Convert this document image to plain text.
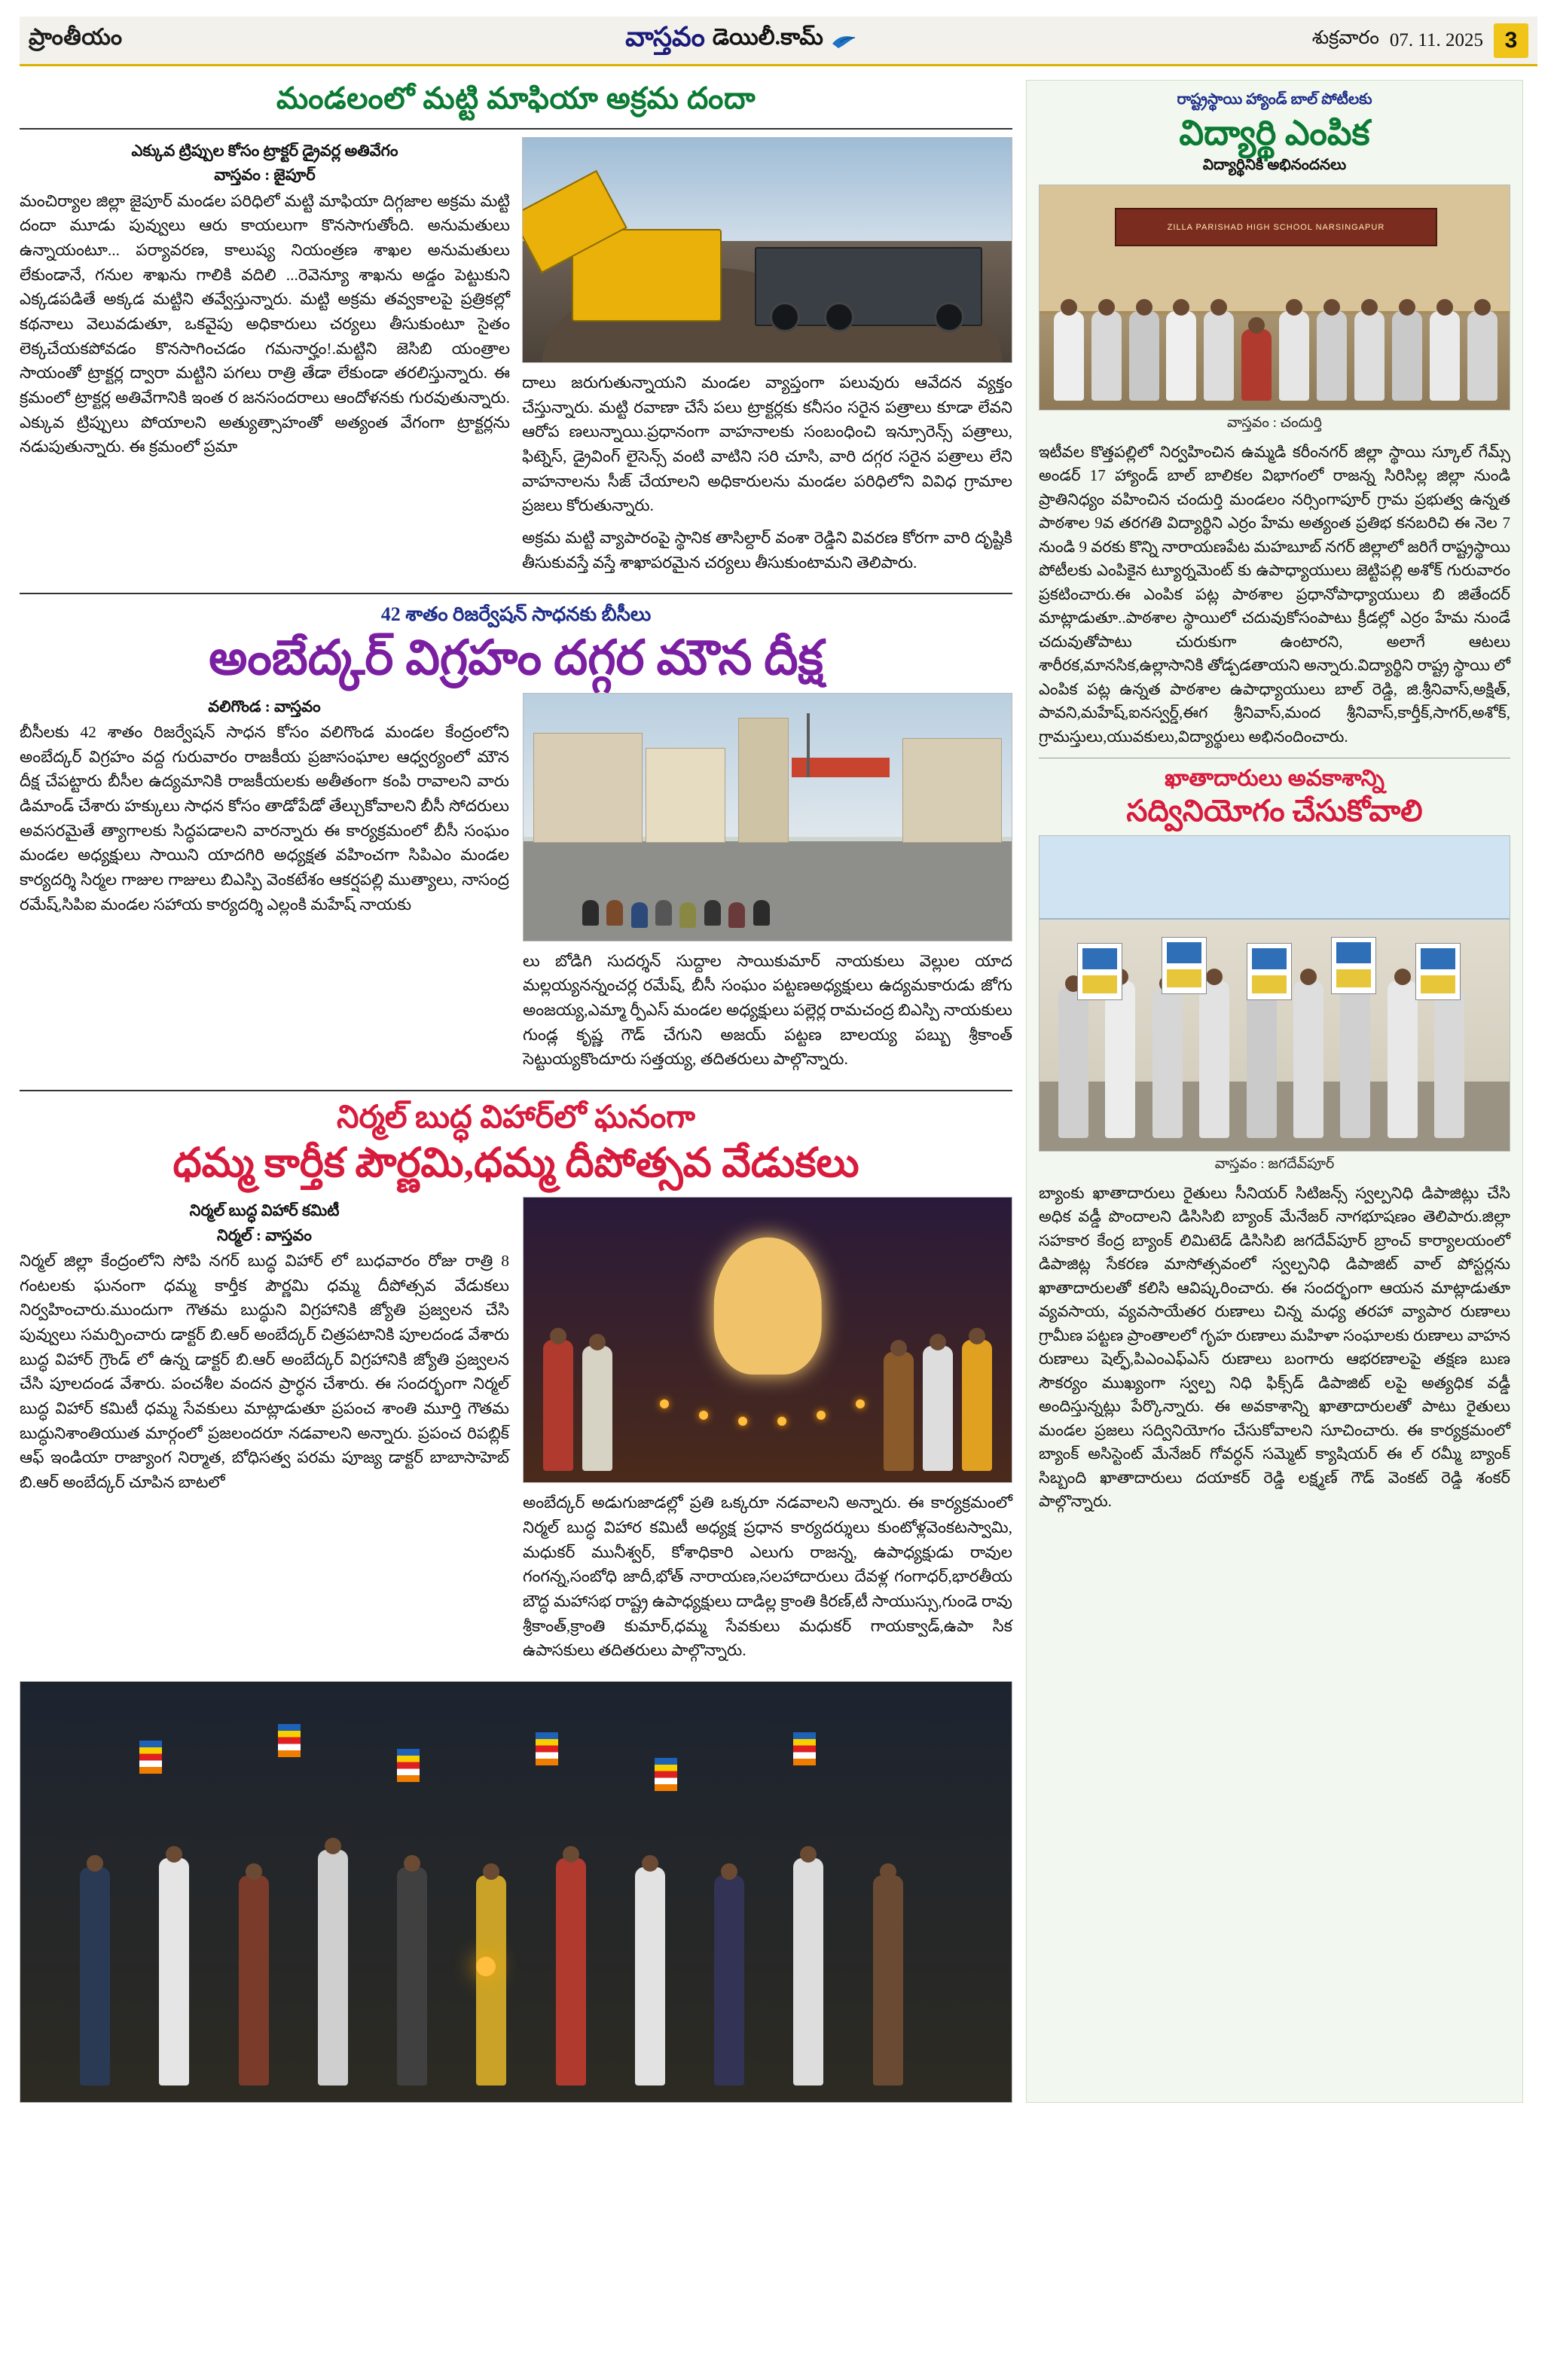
ప్రాంతీయం	వాస్తవం డెయిలీ.కామ్	శుక్రవారం 07. 11. 2025 3
మండలంలో మట్టి మాఫియా అక్రమ దందా
ఎక్కువ ట్రిప్పుల కోసం ట్రాక్టర్ డ్రైవర్ల అతివేగం
వాస్తవం : జైపూర్

మంచిర్యాల జిల్లా జైపూర్ మండల పరిధిలో మట్టి మాఫియా దిగ్గజాల అక్రమ మట్టి దందా మూడు పువ్వులు ఆరు కాయలుగా కొనసాగుతోంది. అనుమతులు ఉన్నాయంటూ... పర్యావరణ, కాలుష్య నియంత్రణ శాఖల అనుమతులు లేకుండానే, గనుల శాఖను గాలికి వదిలి ...రెవెన్యూ శాఖను అడ్డం పెట్టుకుని ఎక్కడపడితే అక్కడ మట్టిని తవ్వేస్తున్నారు. మట్టి అక్రమ తవ్వకాలపై ప్రత్రికల్లో కథనాలు వెలువడుతూ, ఒకవైపు అధికారులు చర్యలు తీసుకుంటూ సైతం లెక్కచేయకపోవడం కొనసాగించడం గమనార్హం!.మట్టిని జెసిబి యంత్రాల సాయంతో ట్రాక్టర్ల ద్వారా మట్టిని పగలు రాత్రి తేడా లేకుండా తరలిస్తున్నారు. ఈ క్రమంలో ట్రాక్టర్ల అతివేగానికి ఇంత ర జనసందరాలు ఆందోళనకు గురవుతున్నారు. ఎక్కువ ట్రిప్పులు పోయాలని అత్యుత్సాహంతో అత్యంత వేగంగా ట్రాక్టర్లను నడుపుతున్నారు. ఈ క్రమంలో ప్రమా

దాలు జరుగుతున్నాయని మండల వ్యాప్తంగా పలువురు ఆవేదన వ్యక్తం చేస్తున్నారు. మట్టి రవాణా చేసే పలు ట్రాక్టర్లకు కనీసం సరైన పత్రాలు కూడా లేవని ఆరోప ణలున్నాయి.ప్రధానంగా వాహనాలకు సంబంధించి ఇన్సూరెన్స్ పత్రాలు, ఫిట్నెస్, డ్రైవింగ్ లైసెన్స్ వంటి వాటిని సరి చూసి, వారి దగ్గర సరైన పత్రాలు లేని వాహనాలను సీజ్ చేయాలని అధికారులను మండల పరిధిలోని వివిధ గ్రామాల ప్రజలు కోరుతున్నారు.

అక్రమ మట్టి వ్యాపారంపై స్థానిక తాసిల్దార్ వంశా రెడ్డిని వివరణ కోరగా వారి దృష్టికి తీసుకువస్తే వస్తే శాఖాపరమైన చర్యలు తీసుకుంటామని తెలిపారు.

42 శాతం రిజర్వేషన్ సాధనకు బీసీలు
అంబేద్కర్ విగ్రహం దగ్గర మౌన దీక్ష
వలిగొండ : వాస్తవం

బీసీలకు 42 శాతం రిజర్వేషన్ సాధన కోసం వలిగొండ మండల కేంద్రంలోని అంబేద్కర్ విగ్రహం వద్ద గురువారం రాజకీయ ప్రజాసంఘాల ఆధ్వర్యంలో మౌన దీక్ష చేపట్టారు బీసీల ఉద్యమానికి రాజకీయలకు అతీతంగా కంపి రావాలని వారు డిమాండ్ చేశారు హక్కులు సాధన కోసం తాడోపేడో తేల్చుకోవాలని బీసీ సోదరులు అవసరమైతే త్యాగాలకు సిద్ధపడాలని వారన్నారు ఈ కార్యక్రమంలో బీసీ సంఘం మండల అధ్యక్షులు సాయిని యాదగిరి అధ్యక్షత వహించగా సిపిఎం మండల కార్యదర్శి సిర్మల గాజుల గాజులు బిఎస్పి వెంకటేశం ఆకర్షపల్లి ముత్యాలు, నాసంద్ర రమేష్,సిపిఐ మండల సహాయ కార్యదర్శి ఎల్లంకి మహేష్ నాయకు

లు బోడిగి సుదర్శన్ సుద్దాల సాయికుమార్ నాయకులు వెల్లుల యాద మల్లయ్యనన్నంచర్ల రమేష్, బీసీ సంఘం పట్టణఅధ్యక్షులు ఉద్యమకారుడు జోగు అంజయ్య,ఎమ్మా ర్పీఎస్ మండల అధ్యక్షులు పల్లెర్ల రామచంద్ర బిఎస్పి నాయకులు గుండ్ల కృష్ణ గౌడ్ చేగుని అజయ్ పట్టణ బాలయ్య పబ్బు శ్రీకాంత్ సెట్టుయ్యకొందూరు సత్తయ్య, తదితరులు పాల్గొన్నారు.

నిర్మల్ బుద్ధ విహార్‌లో ఘనంగా
ధమ్మ కార్తీక పౌర్ణమి,ధమ్మ దీపోత్సవ వేడుకలు
నిర్మల్ బుద్ధ విహార్ కమిటీ
నిర్మల్ : వాస్తవం

నిర్మల్ జిల్లా కేంద్రంలోని సోపి నగర్ బుద్ధ విహార్ లో బుధవారం రోజు రాత్రి 8 గంటలకు ఘనంగా ధమ్మ కార్తీక పౌర్ణమి ధమ్మ దీపోత్సవ వేడుకలు నిర్వహించారు.ముందుగా గౌతమ బుద్ధుని విగ్రహానికి జ్యోతి ప్రజ్వలన చేసి పువ్వులు సమర్పించారు డాక్టర్ బి.ఆర్ అంబేద్కర్ చిత్రపటానికి పూలదండ వేశారు బుద్ధ విహార్ గ్రౌండ్ లో ఉన్న డాక్టర్ బి.ఆర్ అంబేద్కర్ విగ్రహానికి జ్యోతి ప్రజ్వలన చేసి పూలదండ వేశారు. పంచశీల వందన ప్రార్ధన చేశారు. ఈ సందర్భంగా నిర్మల్ బుద్ధ విహార్ కమిటీ ధమ్మ సేవకులు మాట్లాడుతూ ప్రపంచ శాంతి మూర్తి గౌతమ బుద్ధునిశాంతియుత మార్గంలో ప్రజలందరూ నడవాలని అన్నారు. ప్రపంచ రిపబ్లిక్ ఆఫ్ ఇండియా రాజ్యాంగ నిర్మాత, బోధిసత్వ పరమ పూజ్య డాక్టర్ బాబాసాహెబ్ బి.ఆర్ అంబేద్కర్ చూపిన బాటలో

అంబేద్కర్ అడుగుజాడల్లో ప్రతి ఒక్కరూ నడవాలని అన్నారు. ఈ కార్యక్రమంలో నిర్మల్ బుద్ధ విహార కమిటీ అధ్యక్ష ప్రధాన కార్యదర్శులు కుంటోళ్లవెంకటస్వామి, మధుకర్ మునీశ్వర్, కోశాధికారి ఎలుగు రాజన్న, ఉపాధ్యక్షుడు రావుల గంగన్న,సంబోధి జాదీ,భోత్ నారాయణ,సలహాదారులు దేవళ్ల గంగాధర్,భారతీయ బౌద్ధ మహాసభ రాష్ట్ర ఉపాధ్యక్షులు దాడిల్ల క్రాంతి కిరణ్,టీ సాయుస్సు,గుండె రావు శ్రీకాంత్,క్రాంతి కుమార్,ధమ్మ సేవకులు మధుకర్ గాయక్వాడ్,ఉపా సిక ఉపాసకులు తదితరులు పాల్గొన్నారు.

రాష్ట్రస్థాయి హ్యాండ్ బాల్ పోటీలకు
విద్యార్థి ఎంపిక
విద్యార్థినికి అభినందనలు
ZILLA PARISHAD HIGH SCHOOL NARSINGAPUR
వాస్తవం : చందుర్తి

ఇటీవల కొత్తపల్లిలో నిర్వహించిన ఉమ్మడి కరీంనగర్ జిల్లా స్థాయి స్కూల్ గేమ్స్ అండర్ 17 హ్యాండ్ బాల్ బాలికల విభాగంలో రాజన్న సిరిసిల్ల జిల్లా నుండి ప్రాతినిధ్యం వహించిన చందుర్తి మండలం నర్సింగాపూర్ గ్రామ ప్రభుత్వ ఉన్నత పాఠశాల 9వ తరగతి విద్యార్థిని ఎర్రం హేమ అత్యంత ప్రతిభ కనబరిచి ఈ నెల 7 నుండి 9 వరకు కొన్ని నారాయణపేట మహబూబ్ నగర్ జిల్లాలో జరిగే రాష్ట్రస్థాయి పోటీలకు ఎంపికైన ట్యూర్నమెంట్ కు ఉపాధ్యాయులు జెట్టిపల్లి అశోక్ గురువారం ప్రకటించారు.ఈ ఎంపిక పట్ల పాఠశాల ప్రధానోపాధ్యాయులు బి జితేందర్ మాట్లాడుతూ..పాఠశాల స్థాయిలో చదువుకోసంపాటు క్రీడల్లో ఎర్రం హేమ నుండే చదువుతోపాటు చురుకుగా ఉంటారని, అలాగే ఆటలు శారీరక,మానసిక,ఉల్లాసానికి తోడ్పడతాయని అన్నారు.విద్యార్థిని రాష్ట్ర స్థాయి లో ఎంపిక పట్ల ఉన్నత పాఠశాల ఉపాధ్యాయులు బాల్ రెడ్డి, జి.శ్రీనివాస్,అక్షిత్, పావని,మహేష్,ఐనస్వర్డ్,ఈగ శ్రీనివాస్,మంద శ్రీనివాస్,కార్తీక్,సాగర్,అశోక్, గ్రామస్తులు,యువకులు,విద్యార్థులు అభినందించారు.

ఖాతాదారులు అవకాశాన్ని
సద్వినియోగం చేసుకోవాలి
వాస్తవం : జగదేవ్‌పూర్

బ్యాంకు ఖాతాదారులు రైతులు సీనియర్ సిటిజన్స్ స్వల్పనిధి డిపాజిట్లు చేసి అధిక వడ్డీ పొందాలని డిసిసిబి బ్యాంక్ మేనేజర్ నాగభూషణం తెలిపారు.జిల్లా సహకార కేంద్ర బ్యాంక్ లిమిటెడ్ డిసిసిబి జగదేవ్‌పూర్ బ్రాంచ్ కార్యాలయంలో డిపాజిట్ల సేకరణ మాసోత్సవంలో స్వల్పనిధి డిపాజిట్ వాల్ పోస్టర్లను ఖాతాదారులతో కలిసి ఆవిష్కరించారు. ఈ సందర్భంగా ఆయన మాట్లాడుతూ వ్యవసాయ, వ్యవసాయేతర రుణాలు చిన్న మధ్య తరహా వ్యాపార రుణాలు గ్రామీణ పట్టణ ప్రాంతాలలో గృహ రుణాలు మహిళా సంఘాలకు రుణాలు వాహన రుణాలు షెల్ఫ్,పిఎంఎఫ్ఎస్ రుణాలు బంగారు ఆభరణాలపై తక్షణ బుణ సౌకర్యం ముఖ్యంగా స్వల్ప నిధి ఫిక్స్‌డ్ డిపాజిట్ లపై అత్యధిక వడ్డీ అందిస్తున్నట్లు పేర్కొన్నారు. ఈ అవకాశాన్ని ఖాతాదారులతో పాటు రైతులు మండల ప్రజలు సద్వినియోగం చేసుకోవాలని సూచించారు. ఈ కార్యక్రమంలో బ్యాంక్ అసిస్టెంట్ మేనేజర్ గోవర్ధన్ సమ్మెట్ క్యాషియర్ ఈ ల్ రమ్మీ బ్యాంక్ సిబ్బంది ఖాతాదారులు దయాకర్ రెడ్డి లక్ష్మణ్ గౌడ్ వెంకట్ రెడ్డి శంకర్ పాల్గొన్నారు.
